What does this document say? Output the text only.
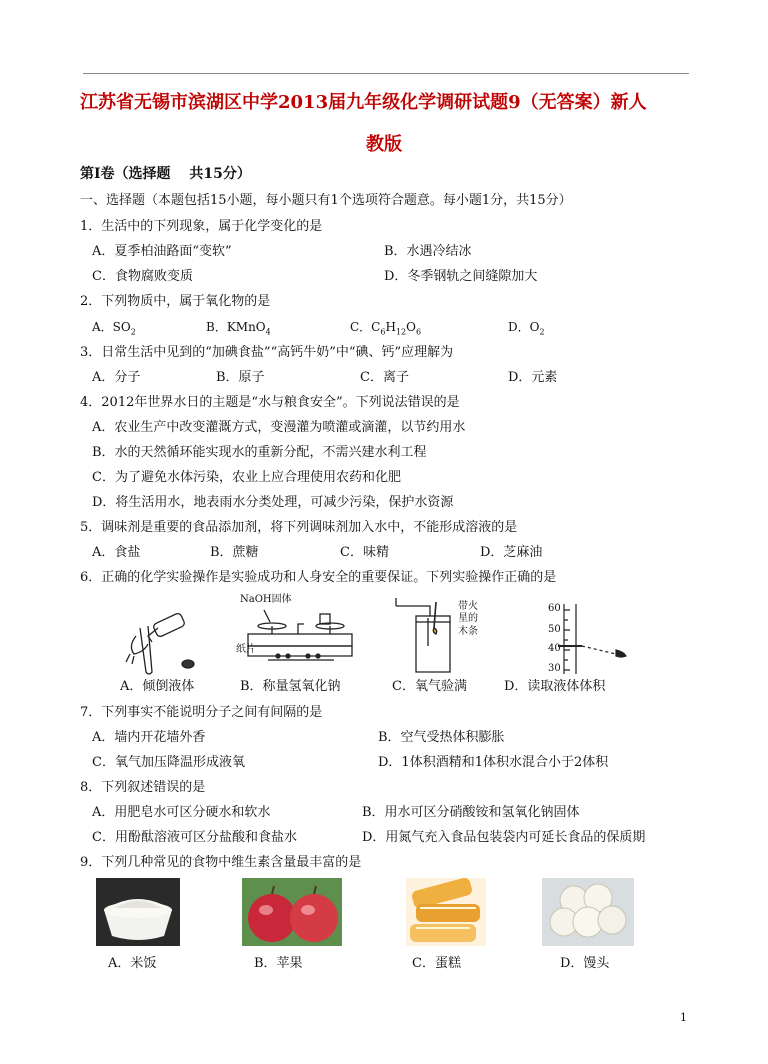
江苏省无锡市滨湖区中学2013届九年级化学调研试题9（无答案）新人
教版
第Ⅰ卷（选择题　 共15分）
一、选择题（本题包括15小题，每小题只有1个选项符合题意。每小题1分，共15分）
1．生活中的下列现象，属于化学变化的是
A．夏季柏油路面“变软”	B．水遇冷结冰
C．食物腐败变质	D．冬季钢轨之间缝隙加大
2．下列物质中，属于氧化物的是
A．$SO_2$	B．KMnO$_4$	C．$C_6H_{12}O_6$	D．$O_2$
3．日常生活中见到的“加碘食盐”“高钙牛奶”中“碘、钙”应理解为
A．分子	B．原子	C．离子	D．元素
4．2012年世界水日的主题是“水与粮食安全”。下列说法错误的是
A．农业生产中改变灌溉方式，变漫灌为喷灌或滴灌，以节约用水
B．水的天然循环能实现水的重新分配，不需兴建水利工程
C．为了避免水体污染，农业上应合理使用农药和化肥
D．将生活用水，地表雨水分类处理，可减少污染，保护水资源
5．调味剂是重要的食品添加剂，将下列调味剂加入水中，不能形成溶液的是
A．食盐	B．蔗糖	C．味精	D．芝麻油
6．正确的化学实验操作是实验成功和人身安全的重要保证。下列实验操作正确的是
A．倾倒液体
NaOH固体
纸片
B．称量氢氧化钠
带火
星的
木条
C．氧气验满
60
50
40
30
D．读取液体体积
7．下列事实不能说明分子之间有间隔的是
A．墙内开花墙外香	B．空气受热体积膨胀
C．氧气加压降温形成液氧	D．1体积酒精和1体积水混合小于2体积
8．下列叙述错误的是
A．用肥皂水可区分硬水和软水	B．用水可区分硝酸铵和氢氧化钠固体
C．用酚酞溶液可区分盐酸和食盐水	D．用氮气充入食品包装袋内可延长食品的保质期
9．下列几种常见的食物中维生素含量最丰富的是
A．米饭	B．苹果	C．蛋糕	D．馒头
1
